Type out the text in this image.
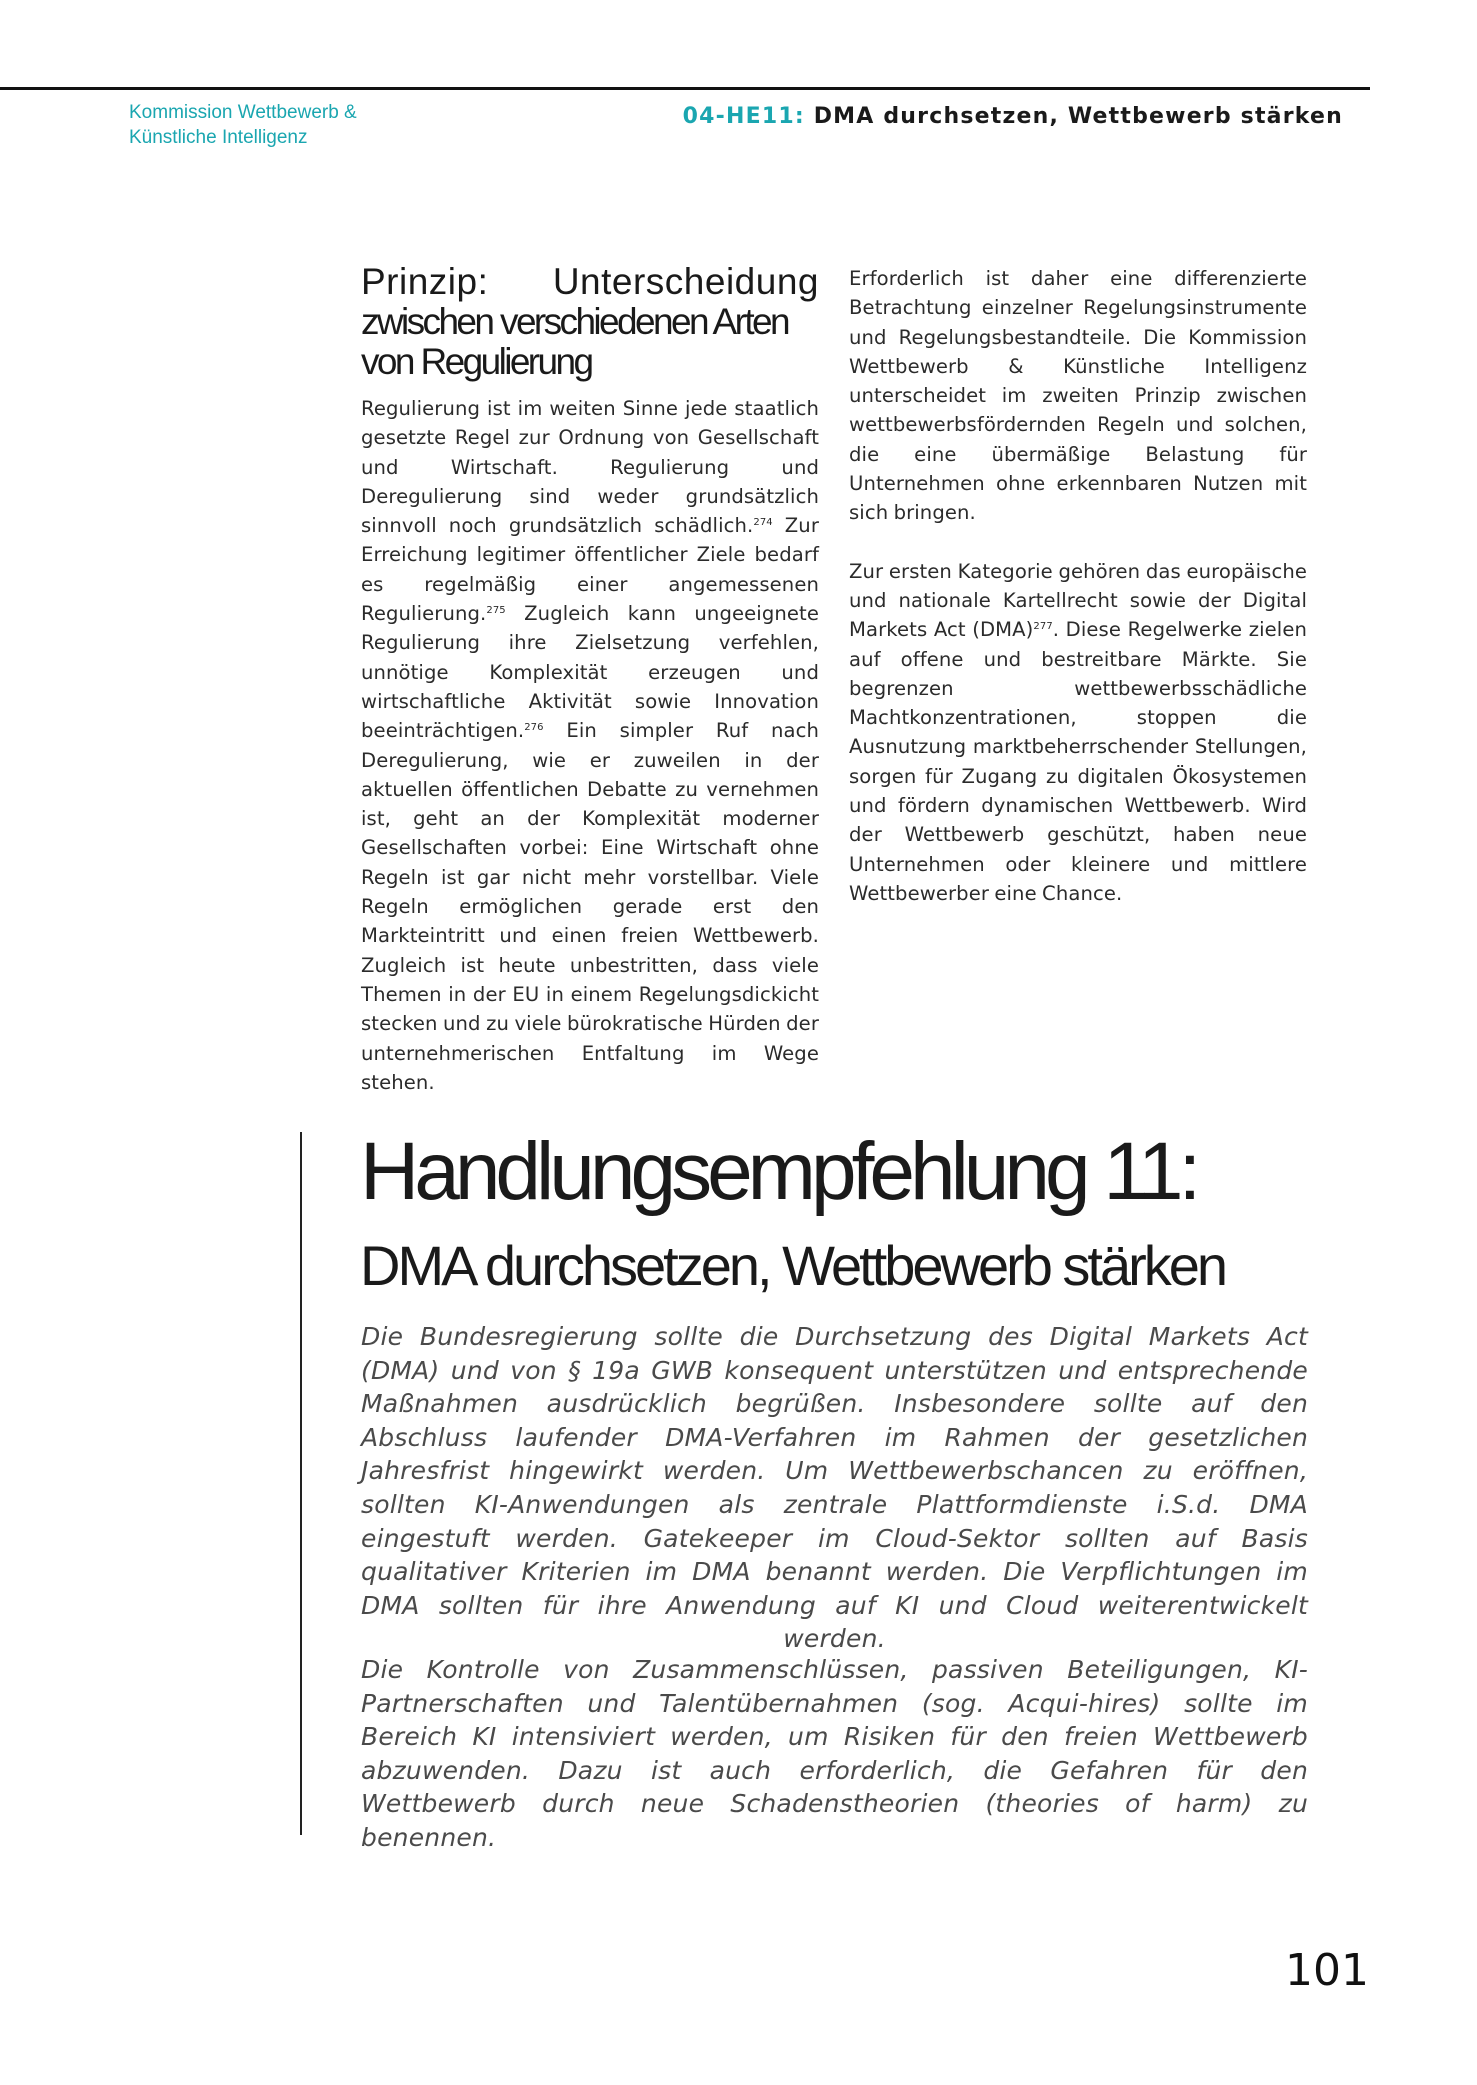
Kommission Wettbewerb &
Künstliche Intelligenz
04-HE11: DMA durchsetzen, Wettbewerb stärken
Prinzip: Unterscheidung
zwischen verschiedenen Arten
von Regulierung

Regulierung ist im weiten Sinne jede staatlich gesetzte Regel zur Ordnung von Gesellschaft und Wirtschaft. Regulierung und Deregulierung sind weder grundsätzlich sinnvoll noch grundsätzlich schädlich.$^{274}$ Zur Erreichung legitimer öffentlicher Ziele bedarf es regelmäßig einer angemessenen Regulierung.$^{275}$ Zugleich kann ungeeignete Regulierung ihre Zielsetzung verfehlen, unnötige Komplexität erzeugen und wirtschaftliche Aktivität sowie Innovation beeinträchtigen.$^{276}$ Ein simpler Ruf nach Deregulierung, wie er zuweilen in der aktuellen öffentlichen Debatte zu vernehmen ist, geht an der Komplexität moderner Gesellschaften vorbei: Eine Wirtschaft ohne Regeln ist gar nicht mehr vorstellbar. Viele Regeln ermöglichen gerade erst den Markteintritt und einen freien Wettbewerb. Zugleich ist heute unbestritten, dass viele Themen in der EU in einem Regelungsdickicht stecken und zu viele bürokratische Hürden der unternehmerischen Entfaltung im Wege stehen.

Erforderlich ist daher eine differenzierte Betrachtung einzelner Regelungsinstrumente und Regelungsbestandteile. Die Kommission Wettbewerb & Künstliche Intelligenz unterscheidet im zweiten Prinzip zwischen wettbewerbsfördernden Regeln und solchen, die eine übermäßige Belastung für Unternehmen ohne erkennbaren Nutzen mit sich bringen.

Zur ersten Kategorie gehören das europäische und nationale Kartellrecht sowie der Digital Markets Act (DMA)$^{277}$. Diese Regelwerke zielen auf offene und bestreitbare Märkte. Sie begrenzen wettbewerbsschädliche Machtkonzentrationen, stoppen die Ausnutzung marktbeherrschender Stellungen, sorgen für Zugang zu digitalen Ökosystemen und fördern dynamischen Wettbewerb. Wird der Wettbewerb geschützt, haben neue Unternehmen oder kleinere und mittlere Wettbewerber eine Chance.

Handlungsempfehlung 11:
DMA durchsetzen, Wettbewerb stärken

Die Bundesregierung sollte die Durchsetzung des Digital Markets Act (DMA) und von § 19a GWB konsequent unterstützen und entsprechende Maßnahmen ausdrücklich begrüßen. Insbesondere sollte auf den Abschluss laufender DMA-Verfahren im Rahmen der gesetzlichen Jahresfrist hingewirkt werden. Um Wettbewerbschancen zu eröffnen, sollten KI-Anwendungen als zentrale Plattformdienste i.S.d. DMA eingestuft werden. Gatekeeper im Cloud-Sektor sollten auf Basis qualitativer Kriterien im DMA benannt werden. Die Verpflichtungen im DMA sollten für ihre Anwendung auf KI und Cloud weiterentwickelt werden.

Die Kontrolle von Zusammenschlüssen, passiven Beteiligungen, KI-Partnerschaften und Talentübernahmen (sog. Acqui-hires) sollte im Bereich KI intensiviert werden, um Risiken für den freien Wettbewerb abzuwenden. Dazu ist auch erforderlich, die Gefahren für den Wettbewerb durch neue Schadenstheorien (theories of harm) zu benennen.

101
